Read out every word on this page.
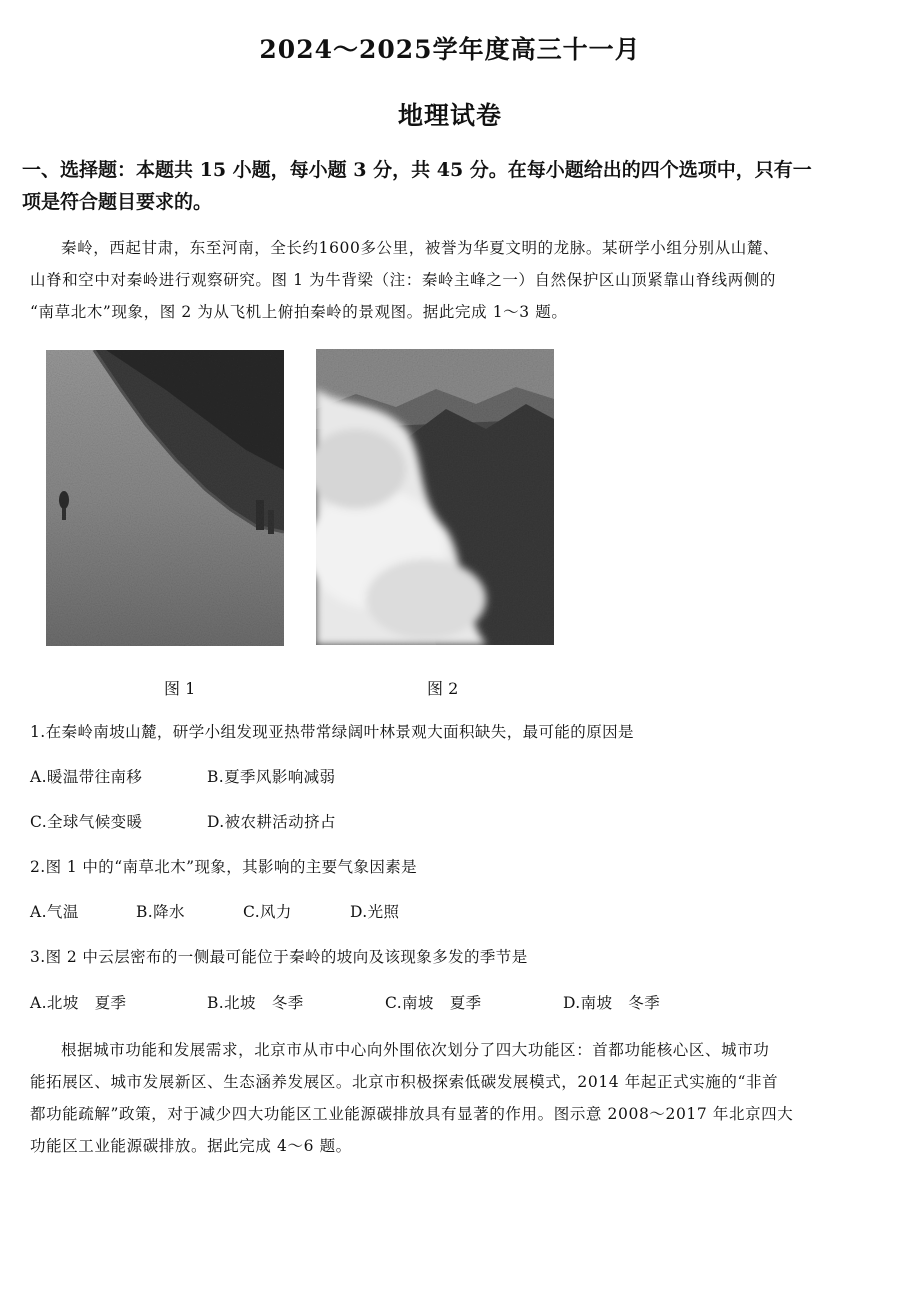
2024～2025学年度高三十一月
地理试卷
一、选择题：本题共 15 小题，每小题 3 分，共 45 分。在每小题给出的四个选项中，只有一
项是符合题目要求的。
秦岭，西起甘肃，东至河南，全长约1600多公里，被誉为华夏文明的龙脉。某研学小组分别从山麓、
山脊和空中对秦岭进行观察研究。图 1 为牛背梁（注：秦岭主峰之一）自然保护区山顶紧靠山脊线两侧的
“南草北木”现象，图 2 为从飞机上俯拍秦岭的景观图。据此完成 1～3 题。
图 1	图 2
1.在秦岭南坡山麓，研学小组发现亚热带常绿阔叶林景观大面积缺失，最可能的原因是
A.暖温带往南移	B.夏季风影响减弱
C.全球气候变暖	D.被农耕活动挤占
2.图 1 中的“南草北木”现象，其影响的主要气象因素是
A.气温	B.降水	C.风力	D.光照
3.图 2 中云层密布的一侧最可能位于秦岭的坡向及该现象多发的季节是
A.北坡　夏季	B.北坡　冬季	C.南坡　夏季	D.南坡　冬季
根据城市功能和发展需求，北京市从市中心向外围依次划分了四大功能区：首都功能核心区、城市功
能拓展区、城市发展新区、生态涵养发展区。北京市积极探索低碳发展模式，2014 年起正式实施的“非首
都功能疏解”政策，对于减少四大功能区工业能源碳排放具有显著的作用。图示意 2008～2017 年北京四大
功能区工业能源碳排放。据此完成 4～6 题。
